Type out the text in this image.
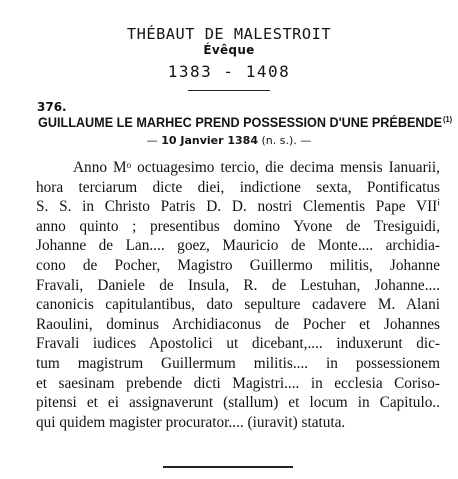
THÉBAUT DE MALESTROIT
Évêque
1383 - 1408
376.
GUILLAUME LE MARHEC PREND POSSESSION D'UNE PRÉBENDE$^{(1)}$
— 10 Janvier 1384 (n. s.). —
Anno Mᵒ octuagesimo tercio, die decima mensis Ianuarii,
hora terciarum dicte diei, indictione sexta, Pontificatus
S. S. in Christo Patris D. D. nostri Clementis Pape VIIⁱ
anno quinto ; presentibus domino Yvone de Tresiguidi,
Johanne de Lan.... goez, Mauricio de Monte.... archidia-
cono de Pocher, Magistro Guillermo militis, Johanne
Fravali, Daniele de Insula, R. de Lestuhan, Johanne....
canonicis capitulantibus, dato sepulture cadavere M. Alani
Raoulini, dominus Archidiaconus de Pocher et Johannes
Fravali iudices Apostolici ut dicebant,.... induxerunt dic-
tum magistrum Guillermum militis.... in possessionem
et saesinam prebende dicti Magistri.... in ecclesia Coriso-
pitensi et ei assignaverunt (stallum) et locum in Capitulo..
qui quidem magister procurator.... (iuravit) statuta.
